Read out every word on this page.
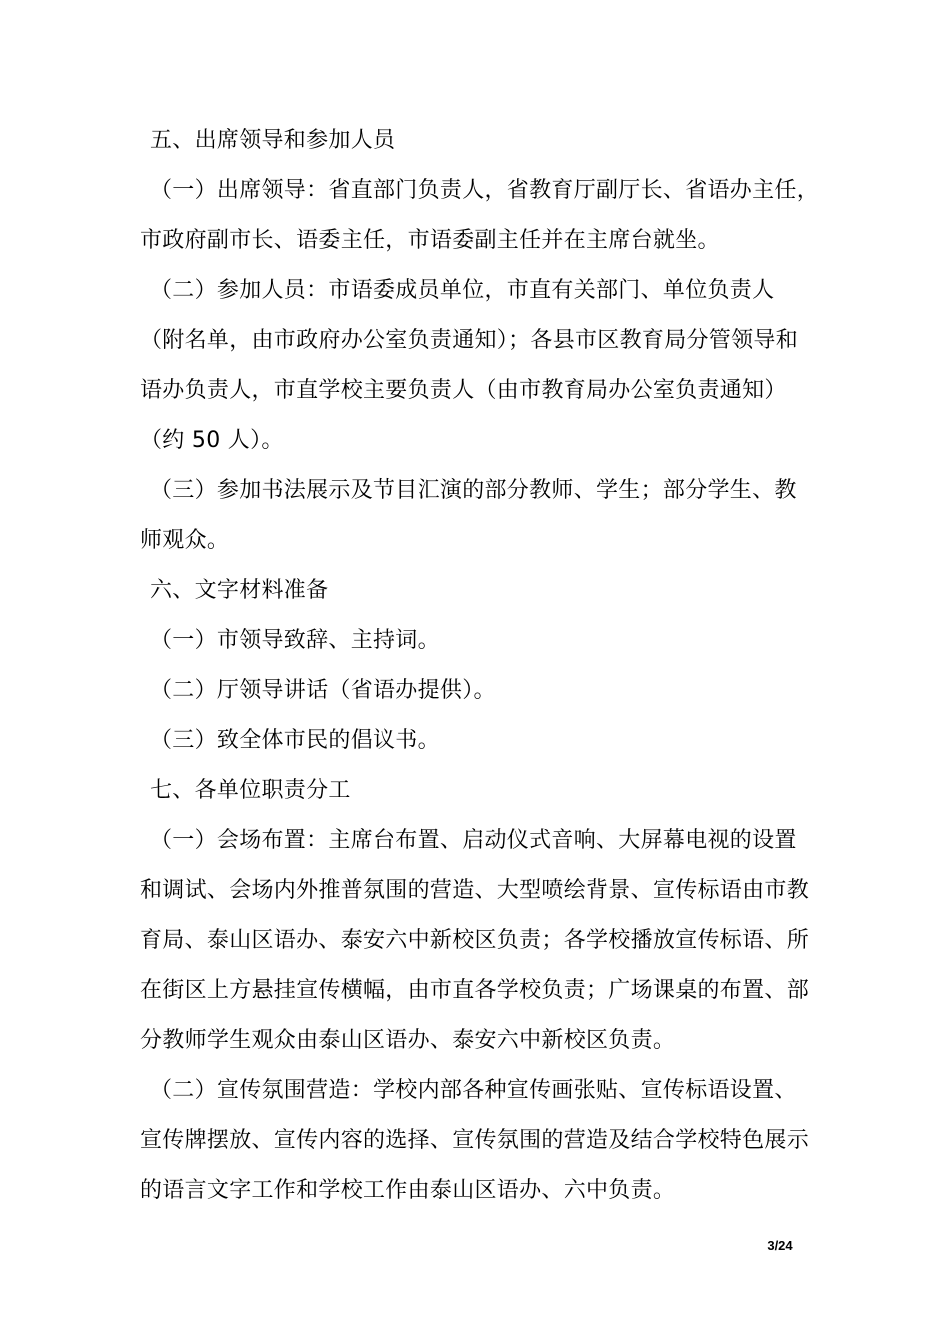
五、出席领导和参加人员
（一）出席领导：省直部门负责人，省教育厅副厅长、省语办主任，
市政府副市长、语委主任，市语委副主任并在主席台就坐。
（二）参加人员：市语委成员单位，市直有关部门、单位负责人
（附名单，由市政府办公室负责通知）；各县市区教育局分管领导和
语办负责人，市直学校主要负责人（由市教育局办公室负责通知）
（约 50 人）。
（三）参加书法展示及节目汇演的部分教师、学生；部分学生、教
师观众。
六、文字材料准备
（一）市领导致辞、主持词。
（二）厅领导讲话（省语办提供）。
（三）致全体市民的倡议书。
七、各单位职责分工
（一）会场布置：主席台布置、启动仪式音响、大屏幕电视的设置
和调试、会场内外推普氛围的营造、大型喷绘背景、宣传标语由市教
育局、泰山区语办、泰安六中新校区负责；各学校播放宣传标语、所
在街区上方悬挂宣传横幅，由市直各学校负责；广场课桌的布置、部
分教师学生观众由泰山区语办、泰安六中新校区负责。
（二）宣传氛围营造：学校内部各种宣传画张贴、宣传标语设置、
宣传牌摆放、宣传内容的选择、宣传氛围的营造及结合学校特色展示
的语言文字工作和学校工作由泰山区语办、六中负责。
3/24
